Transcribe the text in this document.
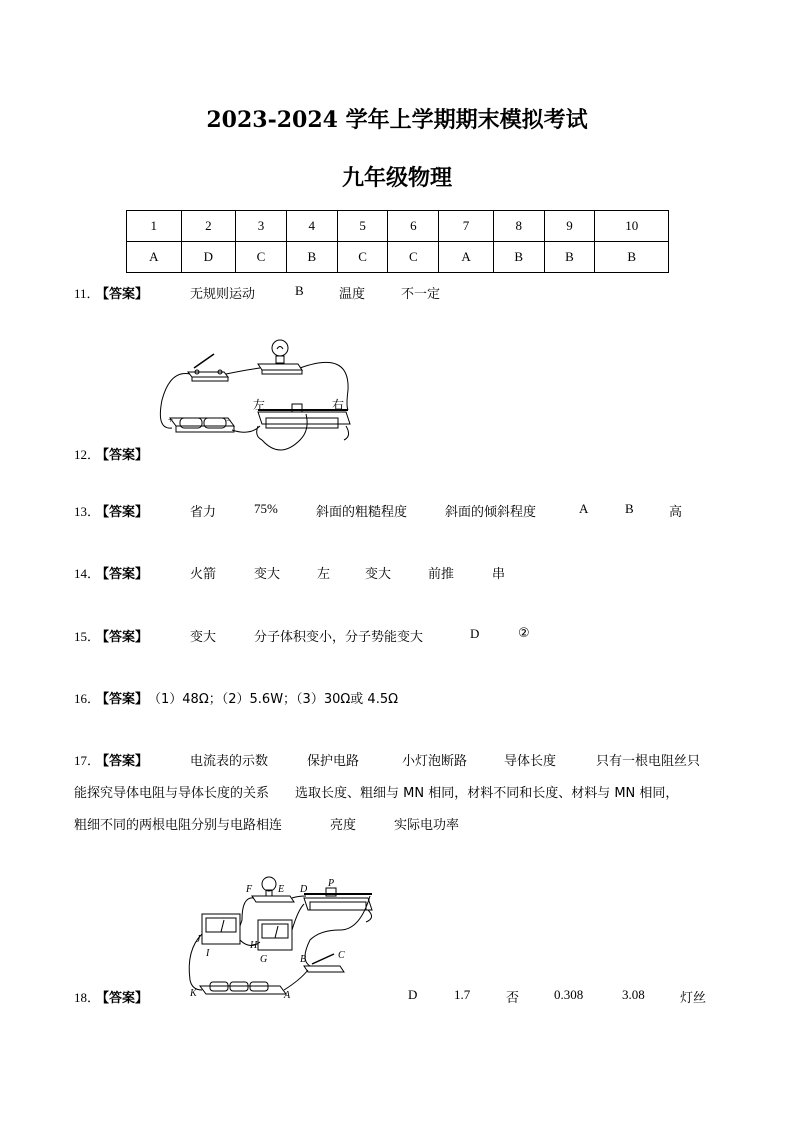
2023-2024 学年上学期期末模拟考试
九年级物理
1	2	3	4	5	6	7	8	9	10
A	D	C	B	C	C	A	B	B	B
11．
【答案】	无规则运动	B	温度	不一定
左	右
+	−
12．
【答案】
13．
【答案】	省力	75%	斜面的粗糙程度	斜面的倾斜程度	A	B	高
14．
【答案】	火箭	变大	左	变大	前推	串
15．
【答案】	变大	分子体积变小，分子势能变大	D	②
16．
【答案】 （1）48Ω；（2）5.6W；（3）30Ω或 4.5Ω
17．
【答案】	电流表的示数	保护电路	小灯泡断路	导体长度	只有一根电阻丝只
能探究导体电阻与导体长度的关系　　选取长度、粗细与 MN 相同，材料不同和长度、材料与 MN 相同，
粗细不同的两根电阻分别与电路相连	亮度	实际电功率
F	E D
P
J
I
H
G	B	C
K	A
18．
【答案】	D	1.7	否	0.308	3.08	灯丝
